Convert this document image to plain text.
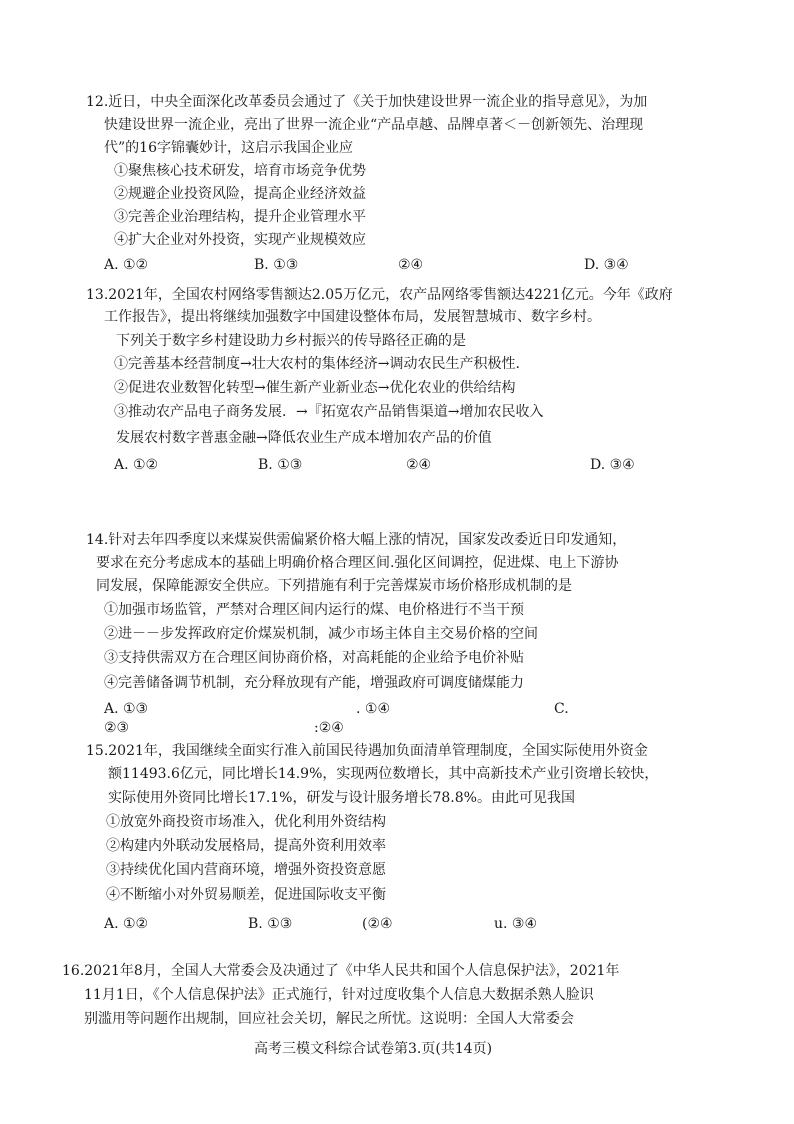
12.近日，中央全面深化改革委员会通过了《关于加快建设世界一流企业的指导意见》，为加
快建设世界一流企业，亮出了世界一流企业“产品卓越、品牌卓著＜－创新领先、治理现
代”的16字锦囊妙计，这启示我国企业应
①聚焦核心技术研发，培育市场竞争优势
②规避企业投资风险，提高企业经济效益
③完善企业治理结构，提升企业管理水平
④扩大企业对外投资，实现产业规模效应
A. ①②	B. ①③	②④	D. ③④
13.2021年，全国农村网络零售额达2.05万亿元，农产品网络零售额达4221亿元。今年《政府
工作报告》，提出将继续加强数字中国建设整体布局，发展智慧城市、数字乡村。
下列关于数字乡村建设助力乡村振兴的传导路径正确的是
①完善基本经营制度→壮大农村的集体经济→调动农民生产积极性.
②促进农业数智化转型→催生新产业新业态→优化农业的供给结构
③推动农产品电子商务发展．→『拓宽农产品销售渠道→增加农民收入
发展农村数字普惠金融→降低农业生产成本增加农产品的价值
A. ①②	B. ①③	②④	D. ③④
14.针对去年四季度以来煤炭供需偏紧价格大幅上涨的情况，国家发改委近日印发通知，
要求在充分考虑成本的基础上明确价格合理区间.强化区间调控，促进煤、电上下游协
同发展，保障能源安全供应。下列措施有利于完善煤炭市场价格形成机制的是
①加强市场监管，严禁对合理区间内运行的煤、电价格进行不当干预
②进－－步发挥政府定价煤炭机制，减少市场主体自主交易价格的空间
③支持供需双方在合理区间协商价格，对高耗能的企业给予电价补贴
④完善储备调节机制，充分释放现有产能，增强政府可调度储煤能力
A. ①③	. ①④	C.
②③	:②④
15.2021年，我国继续全面实行准入前国民待遇加负面清单管理制度，全国实际使用外资金
额11493.6亿元，同比增长14.9%，实现两位数增长，其中高新技术产业引资增长较快，
实际使用外资同比增长17.1%，研发与设计服务增长78.8%。由此可见我国
①放宽外商投资市场准入，优化利用外资结构
②构建内外联动发展格局，提高外资利用效率
③持续优化国内营商环境，增强外资投资意愿
④不断缩小对外贸易顺差，促进国际收支平衡
A. ①②	B. ①③	(②④	u. ③④
16.2021年8月，全国人大常委会及决通过了《中华人民共和国个人信息保护法》，2021年
11月1日，《个人信息保护法》正式施行，针对过度收集个人信息大数据杀熟人脸识
别滥用等问题作出规制，回应社会关切，解民之所忧。这说明：全国人大常委会
高考三模文科综合试卷第3.页(共14页)
